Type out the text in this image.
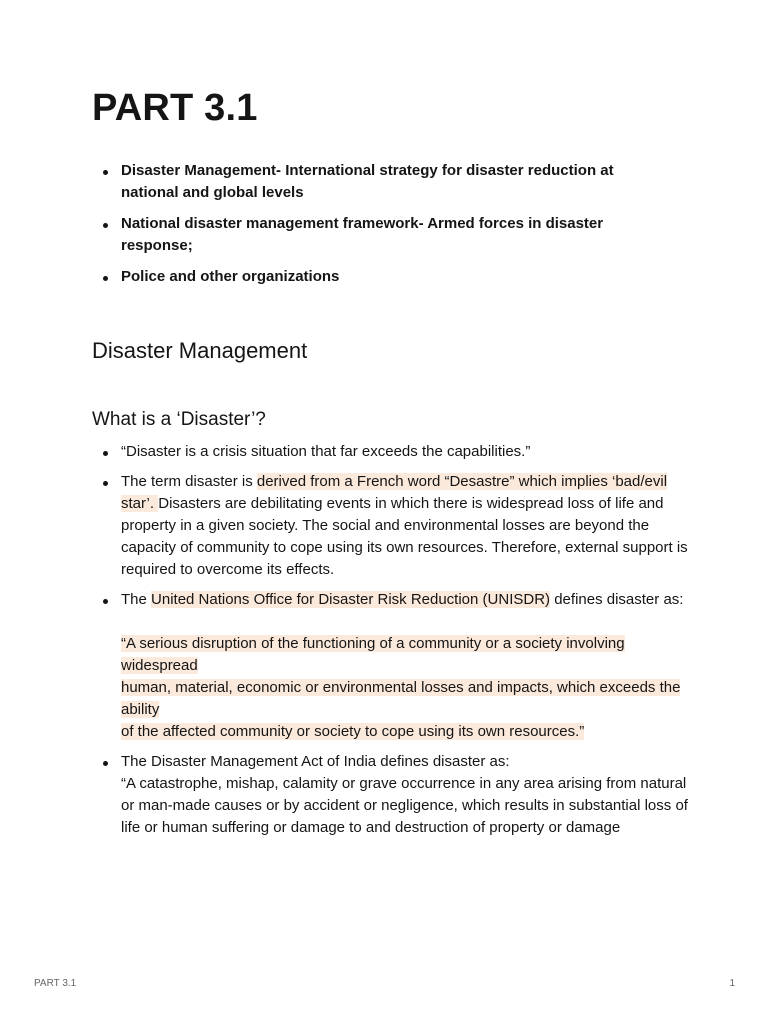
PART 3.1
Disaster Management- International strategy for disaster reduction at national and global levels
National disaster management framework- Armed forces in disaster response;
Police and other organizations
Disaster Management
What is a ‘Disaster’?
“Disaster is a crisis situation that far exceeds the capabilities.”
The term disaster is derived from a French word “Desastre” which implies ‘bad/evil star’. Disasters are debilitating events in which there is widespread loss of life and property in a given society. The social and environmental losses are beyond the capacity of community to cope using its own resources. Therefore, external support is required to overcome its effects.
The United Nations Office for Disaster Risk Reduction (UNISDR) defines disaster as:
“A serious disruption of the functioning of a community or a society involving widespread
human, material, economic or environmental losses and impacts, which exceeds the ability
of the affected community or society to cope using its own resources.”
The Disaster Management Act of India defines disaster as:
“A catastrophe, mishap, calamity or grave occurrence in any area arising from natural
or man-made causes or by accident or negligence, which results in substantial loss of
life or human suffering or damage to and destruction of property or damage
PART 3.1	1
